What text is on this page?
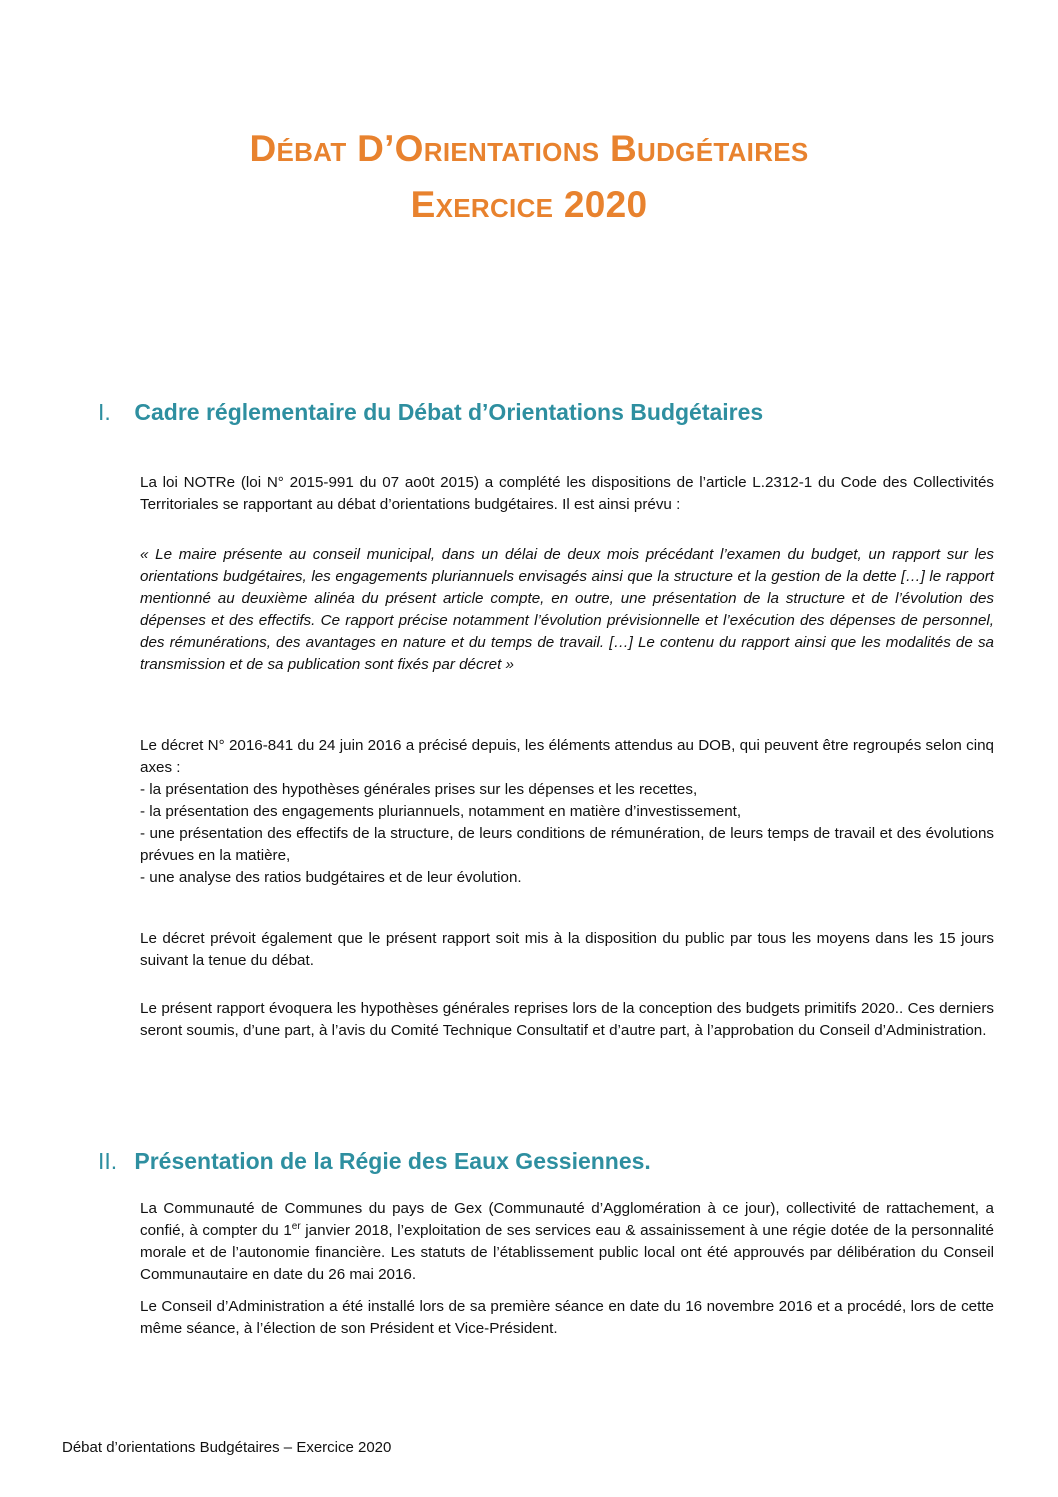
Débat D’Orientations Budgétaires
Exercice 2020
I. Cadre réglementaire du Débat d’Orientations Budgétaires
La loi NOTRe (loi N° 2015-991 du 07 ao0t 2015) a complété les dispositions de l’article L.2312-1 du Code des Collectivités Territoriales se rapportant au débat d’orientations budgétaires. Il est ainsi prévu :
« Le maire présente au conseil municipal, dans un délai de deux mois précédant l’examen du budget, un rapport sur les orientations budgétaires, les engagements pluriannuels envisagés ainsi que la structure et la gestion de la dette […] le rapport mentionné au deuxième alinéa du présent article compte, en outre, une présentation de la structure et de l’évolution des dépenses et des effectifs. Ce rapport précise notamment l’évolution prévisionnelle et l’exécution des dépenses de personnel, des rémunérations, des avantages en nature et du temps de travail. […] Le contenu du rapport ainsi que les modalités de sa transmission et de sa publication sont fixés par décret »
Le décret N° 2016-841 du 24 juin 2016 a précisé depuis, les éléments attendus au DOB, qui peuvent être regroupés selon cinq axes :
- la présentation des hypothèses générales prises sur les dépenses et les recettes,
- la présentation des engagements pluriannuels, notamment en matière d’investissement,
- une présentation des effectifs de la structure, de leurs conditions de rémunération, de leurs temps de travail et des évolutions prévues en la matière,
- une analyse des ratios budgétaires et de leur évolution.
Le décret prévoit également que le présent rapport soit mis à la disposition du public par tous les moyens dans les 15 jours suivant la tenue du débat.
Le présent rapport évoquera les hypothèses générales reprises lors de la conception des budgets primitifs 2020.. Ces derniers seront soumis, d’une part, à l’avis du Comité Technique Consultatif et d’autre part, à l’approbation du Conseil d’Administration.
II. Présentation de la Régie des Eaux Gessiennes.
La Communauté de Communes du pays de Gex (Communauté d’Agglomération à ce jour), collectivité de rattachement, a confié, à compter du 1er janvier 2018, l’exploitation de ses services eau & assainissement à une régie dotée de la personnalité morale et de l’autonomie financière. Les statuts de l’établissement public local ont été approuvés par délibération du Conseil Communautaire en date du 26 mai 2016.
Le Conseil d’Administration a été installé lors de sa première séance en date du 16 novembre 2016 et a procédé, lors de cette même séance, à l’élection de son Président et Vice-Président.
Débat d’orientations Budgétaires – Exercice 2020
